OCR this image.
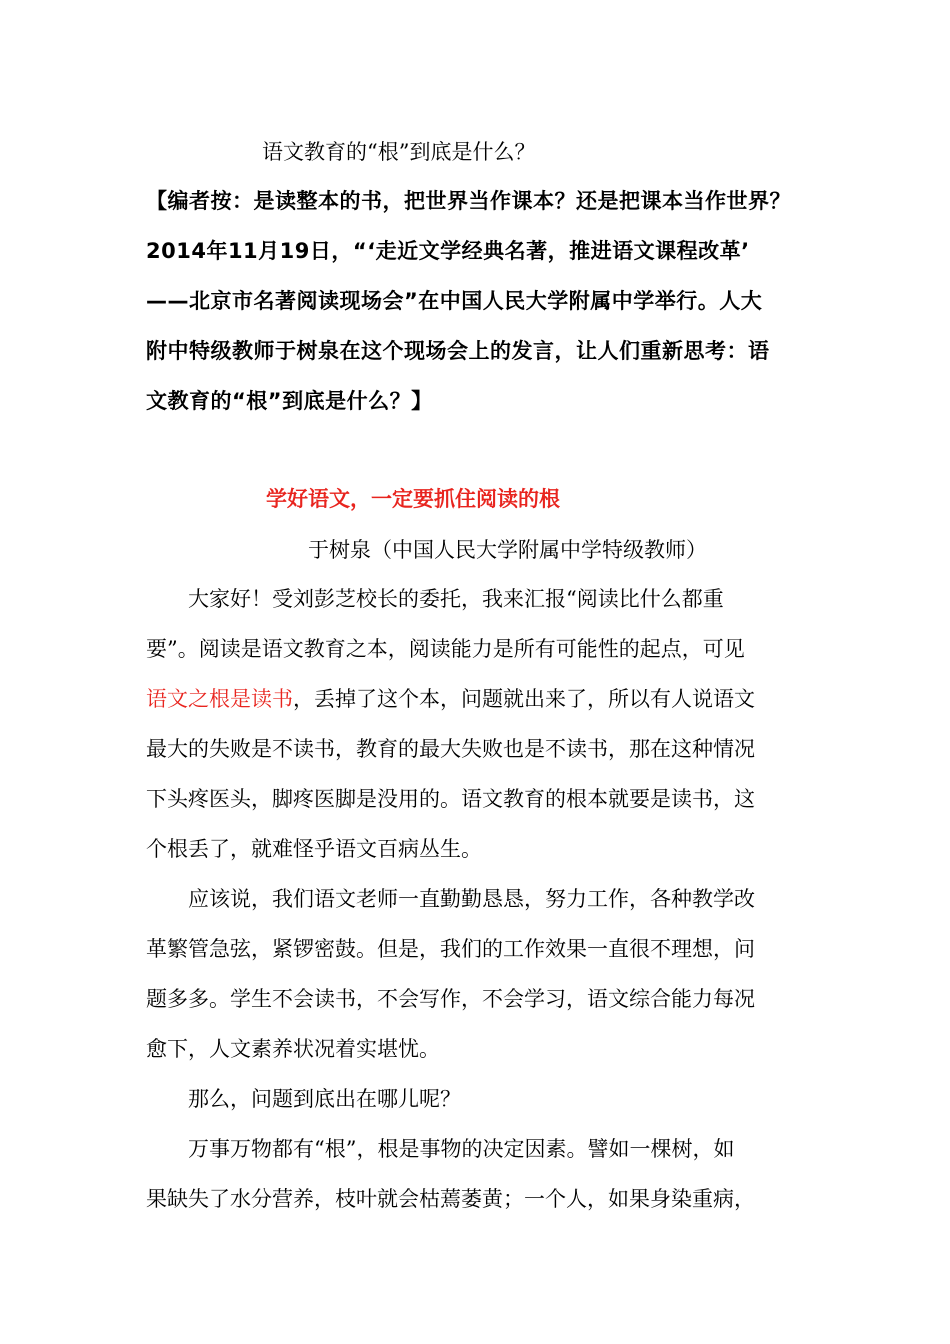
语文教育的“根”到底是什么？
【编者按：是读整本的书，把世界当作课本？还是把课本当作世界？
2014年11月19日，“‘走近文学经典名著，推进语文课程改革’
——北京市名著阅读现场会”在中国人民大学附属中学举行。人大
附中特级教师于树泉在这个现场会上的发言，让人们重新思考：语
文教育的“根”到底是什么？】
学好语文，一定要抓住阅读的根
于树泉（中国人民大学附属中学特级教师）
大家好！受刘彭芝校长的委托，我来汇报“阅读比什么都重
要”。阅读是语文教育之本，阅读能力是所有可能性的起点，可见
语文之根是读书，丢掉了这个本，问题就出来了，所以有人说语文
最大的失败是不读书，教育的最大失败也是不读书，那在这种情况
下头疼医头，脚疼医脚是没用的。语文教育的根本就要是读书，这
个根丢了，就难怪乎语文百病丛生。
应该说，我们语文老师一直勤勤恳恳，努力工作，各种教学改
革繁管急弦，紧锣密鼓。但是，我们的工作效果一直很不理想，问
题多多。学生不会读书，不会写作，不会学习，语文综合能力每况
愈下，人文素养状况着实堪忧。
那么，问题到底出在哪儿呢？
万事万物都有“根”，根是事物的决定因素。譬如一棵树，如
果缺失了水分营养，枝叶就会枯蔫萎黄；一个人，如果身染重病，
